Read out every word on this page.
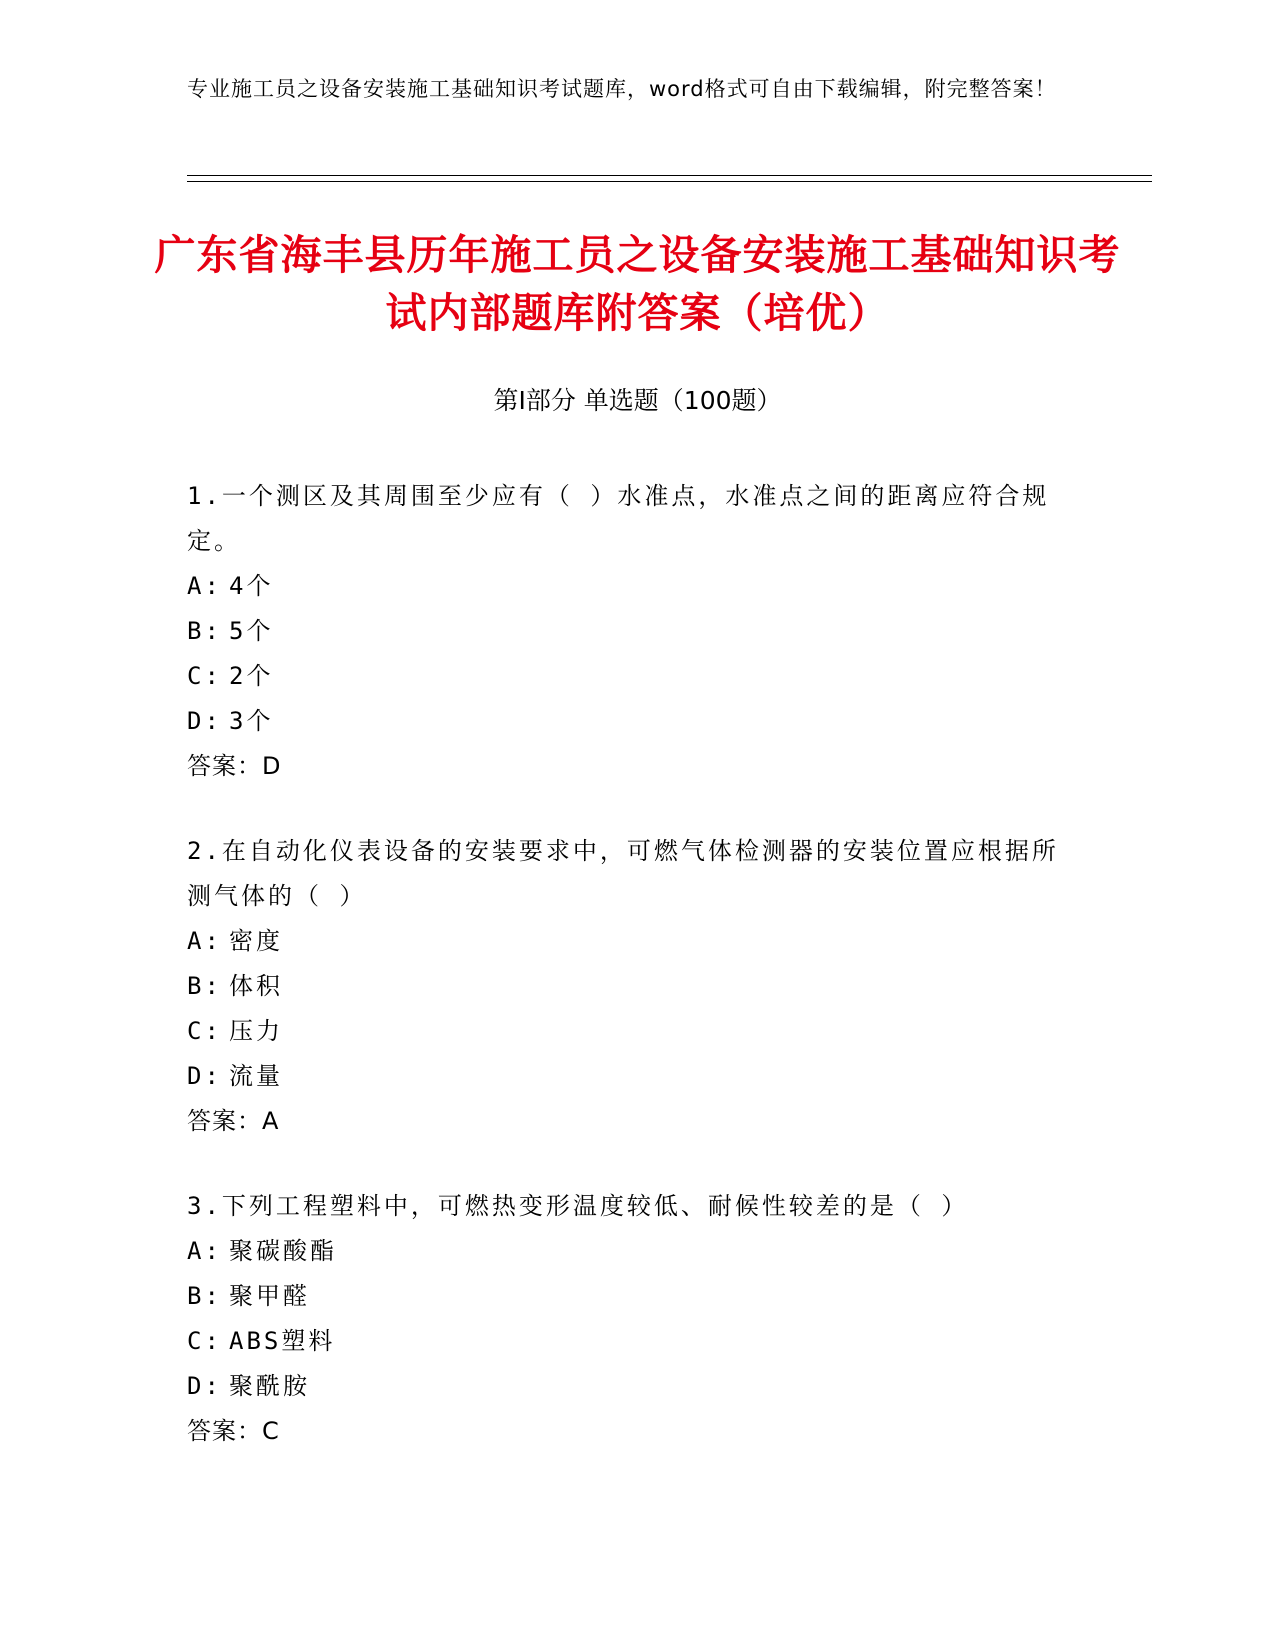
专业施工员之设备安装施工基础知识考试题库，word格式可自由下载编辑，附完整答案！
广东省海丰县历年施工员之设备安装施工基础知识考试内部题库附答案（培优）
第Ⅰ部分 单选题（100题）
1.一个测区及其周围至少应有（ ）水准点，水准点之间的距离应符合规定。
A: 4个
B: 5个
C: 2个
D: 3个
答案：D
2.在自动化仪表设备的安装要求中，可燃气体检测器的安装位置应根据所测气体的（ ）
A: 密度
B: 体积
C: 压力
D: 流量
答案：A
3.下列工程塑料中，可燃热变形温度较低、耐候性较差的是（ ）
A: 聚碳酸酯
B: 聚甲醛
C: ABS塑料
D: 聚酰胺
答案：C
